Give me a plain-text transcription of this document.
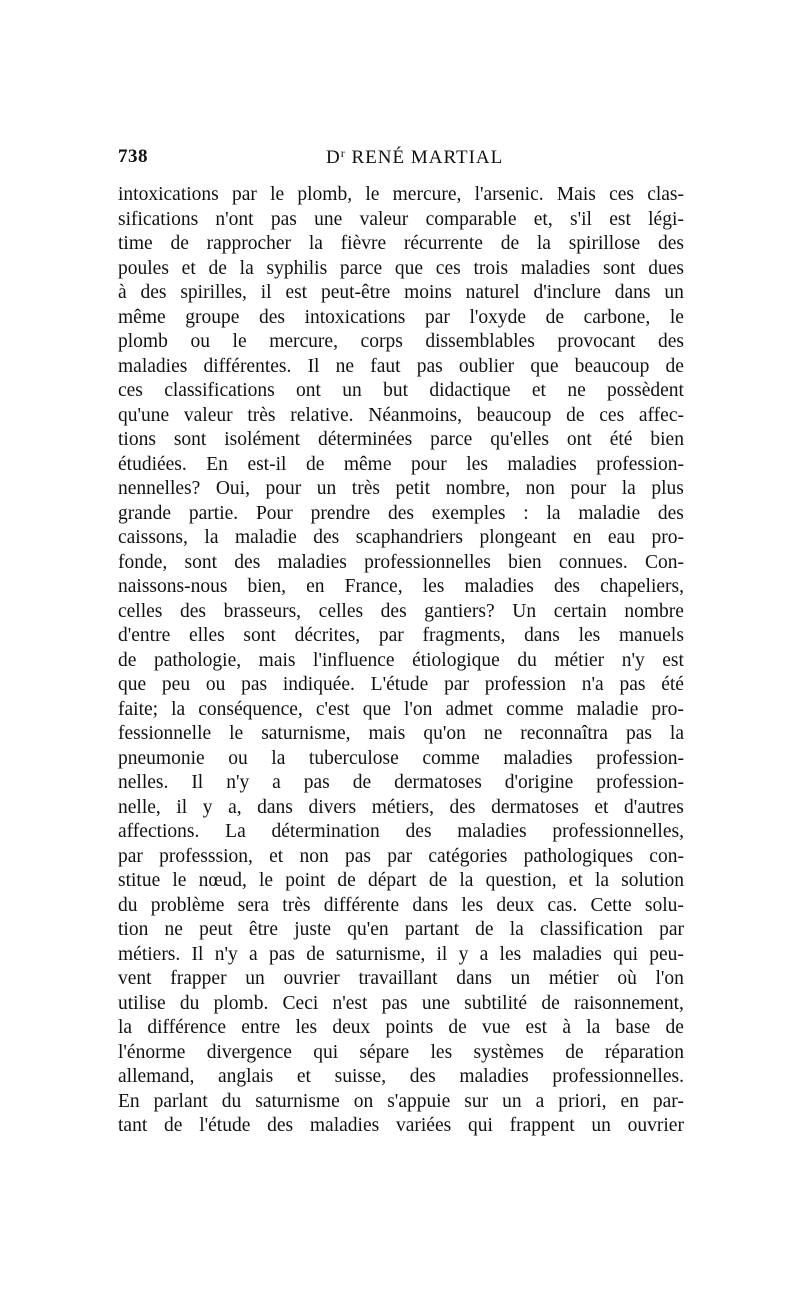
738	$D^r$ RENÉ MARTIAL
intoxications par le plomb, le mercure, l'arsenic. Mais ces clas-
sifications n'ont pas une valeur comparable et, s'il est légi-
time de rapprocher la fièvre récurrente de la spirillose des
poules et de la syphilis parce que ces trois maladies sont dues
à des spirilles, il est peut-être moins naturel d'inclure dans un
même groupe des intoxications par l'oxyde de carbone, le
plomb ou le mercure, corps dissemblables provocant des
maladies différentes. Il ne faut pas oublier que beaucoup de
ces classifications ont un but didactique et ne possèdent
qu'une valeur très relative. Néanmoins, beaucoup de ces affec-
tions sont isolément déterminées parce qu'elles ont été bien
étudiées. En est-il de même pour les maladies profession-
nennelles? Oui, pour un très petit nombre, non pour la plus
grande partie. Pour prendre des exemples : la maladie des
caissons, la maladie des scaphandriers plongeant en eau pro-
fonde, sont des maladies professionnelles bien connues. Con-
naissons-nous bien, en France, les maladies des chapeliers,
celles des brasseurs, celles des gantiers? Un certain nombre
d'entre elles sont décrites, par fragments, dans les manuels
de pathologie, mais l'influence étiologique du métier n'y est
que peu ou pas indiquée. L'étude par profession n'a pas été
faite; la conséquence, c'est que l'on admet comme maladie pro-
fessionnelle le saturnisme, mais qu'on ne reconnaîtra pas la
pneumonie ou la tuberculose comme maladies profession-
nelles. Il n'y a pas de dermatoses d'origine profession-
nelle, il y a, dans divers métiers, des dermatoses et d'autres
affections. La détermination des maladies professionnelles,
par professsion, et non pas par catégories pathologiques con-
stitue le nœud, le point de départ de la question, et la solution
du problème sera très différente dans les deux cas. Cette solu-
tion ne peut être juste qu'en partant de la classification par
métiers. Il n'y a pas de saturnisme, il y a les maladies qui peu-
vent frapper un ouvrier travaillant dans un métier où l'on
utilise du plomb. Ceci n'est pas une subtilité de raisonnement,
la différence entre les deux points de vue est à la base de
l'énorme divergence qui sépare les systèmes de réparation
allemand, anglais et suisse, des maladies professionnelles.
En parlant du saturnisme on s'appuie sur un a priori, en par-
tant de l'étude des maladies variées qui frappent un ouvrier
